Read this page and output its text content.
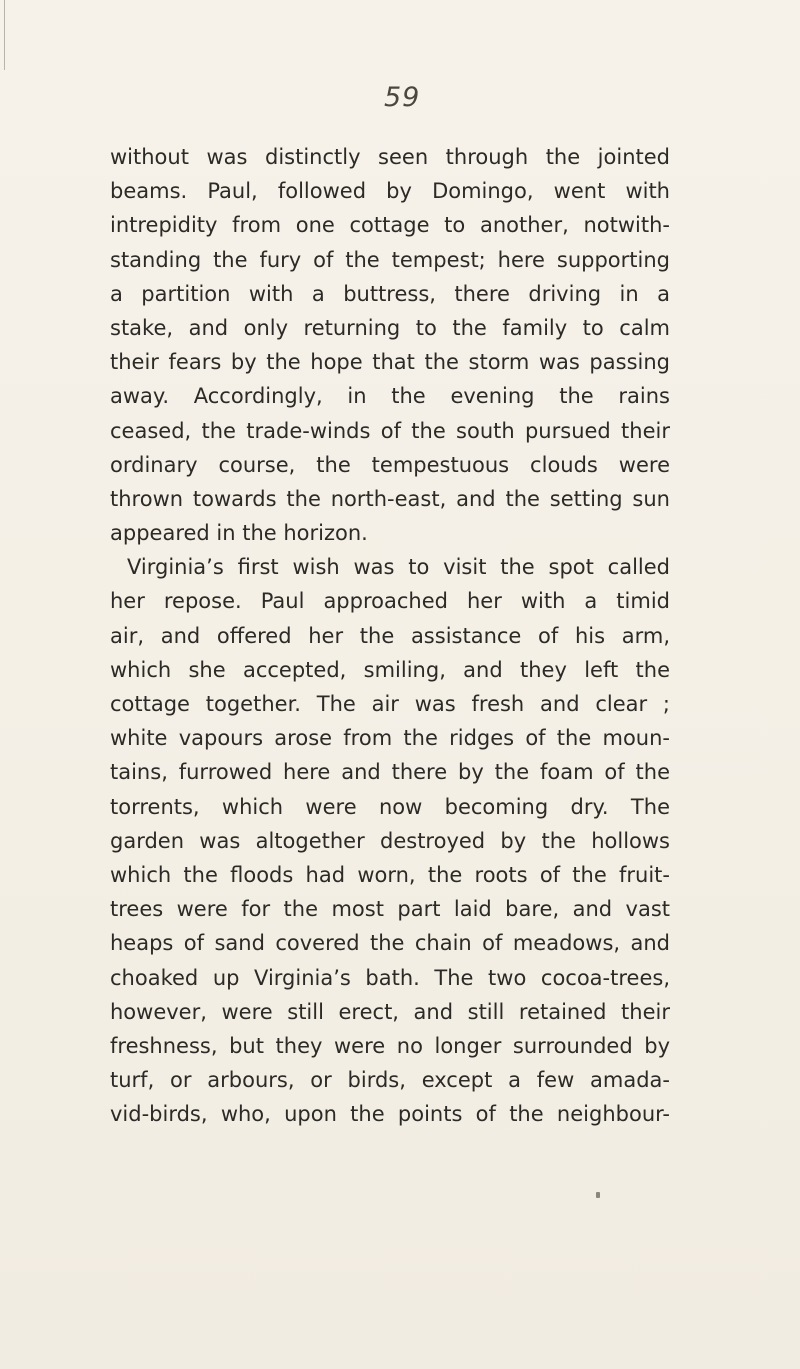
59
without was distinctly seen through the jointed
beams. Paul, followed by Domingo, went with
intrepidity from one cottage to another, notwith-
standing the fury of the tempest; here supporting
a partition with a buttress, there driving in a
stake, and only returning to the family to calm
their fears by the hope that the storm was passing
away. Accordingly, in the evening the rains
ceased, the trade-winds of the south pursued their
ordinary course, the tempestuous clouds were
thrown towards the north-east, and the setting sun
appeared in the horizon.
Virginia’s first wish was to visit the spot called
her repose. Paul approached her with a timid
air, and offered her the assistance of his arm,
which she accepted, smiling, and they left the
cottage together. The air was fresh and clear ;
white vapours arose from the ridges of the moun-
tains, furrowed here and there by the foam of the
torrents, which were now becoming dry. The
garden was altogether destroyed by the hollows
which the floods had worn, the roots of the fruit-
trees were for the most part laid bare, and vast
heaps of sand covered the chain of meadows, and
choaked up Virginia’s bath. The two cocoa-trees,
however, were still erect, and still retained their
freshness, but they were no longer surrounded by
turf, or arbours, or birds, except a few amada-
vid-birds, who, upon the points of the neighbour-
